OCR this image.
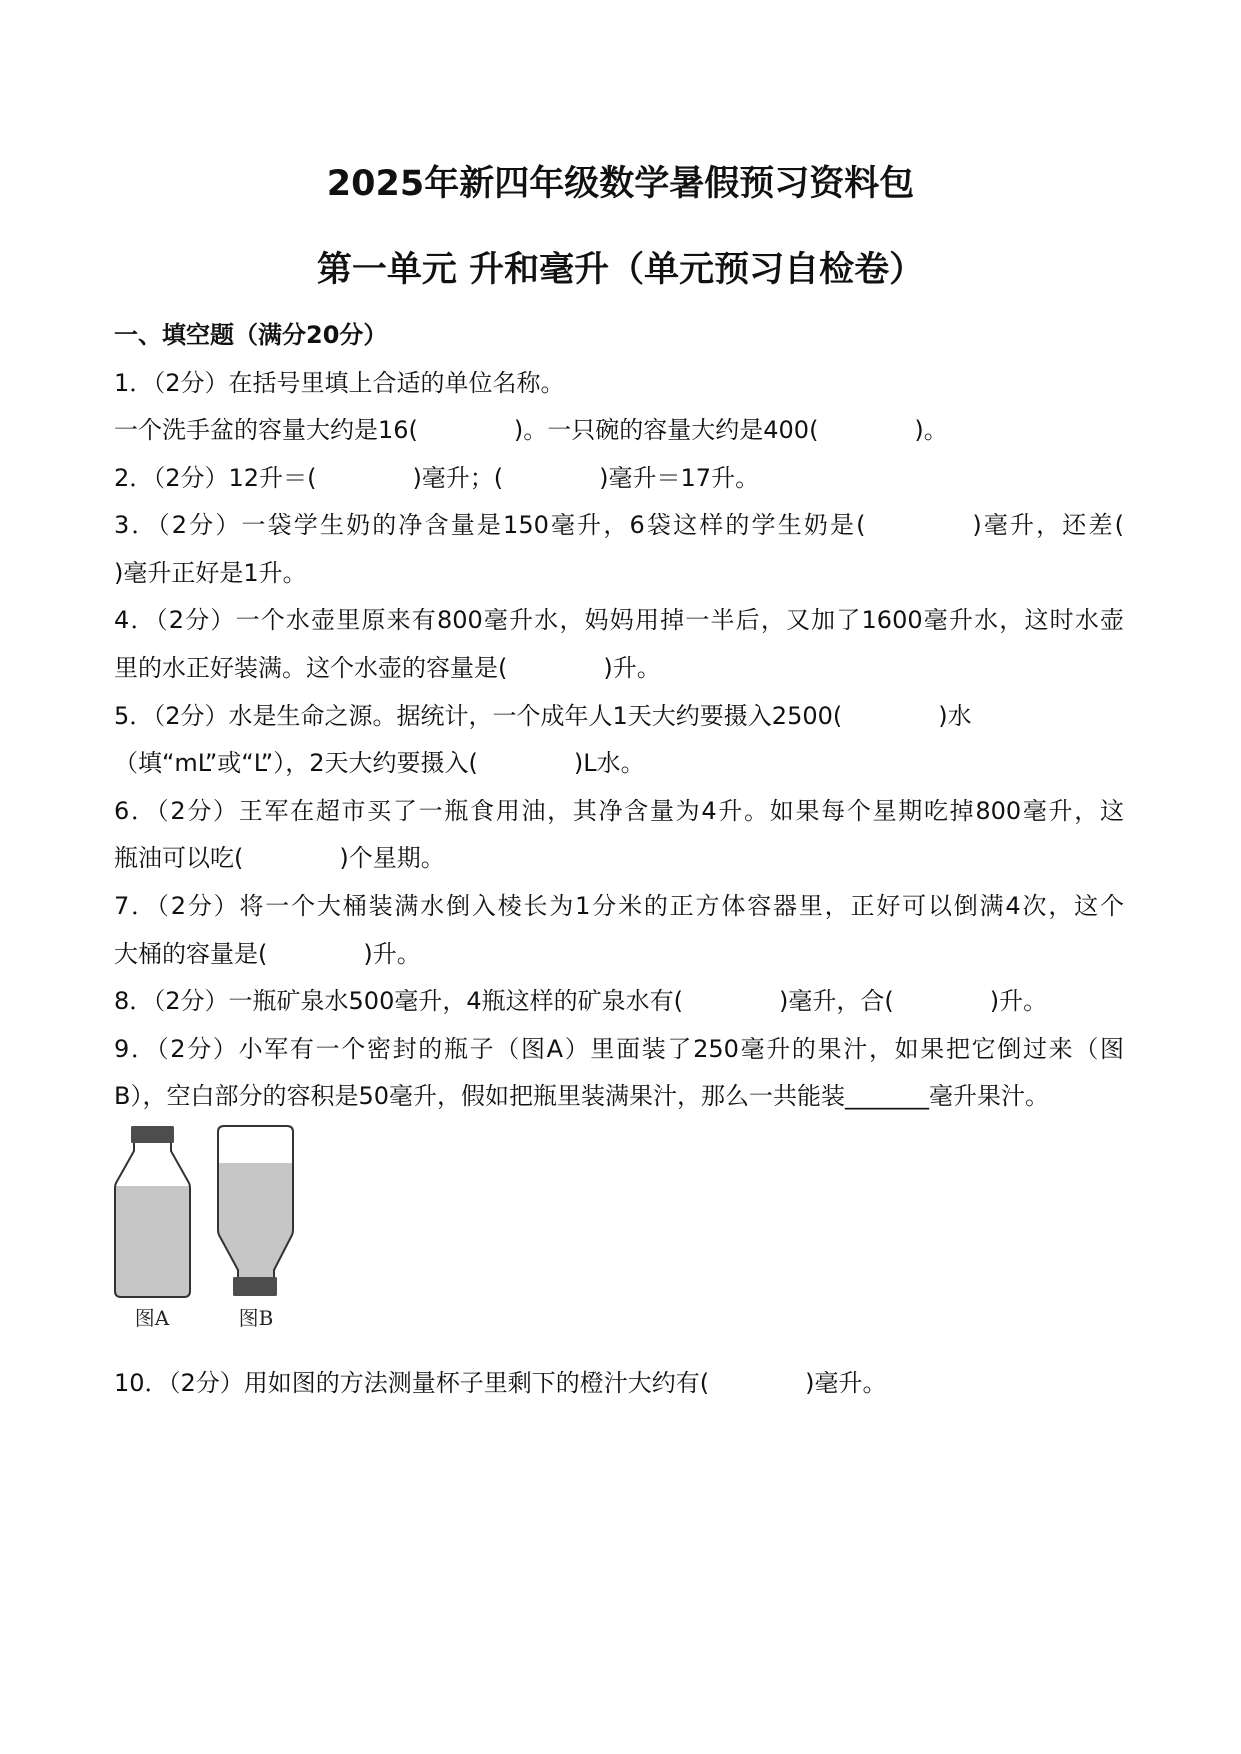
2025年新四年级数学暑假预习资料包
第一单元 升和毫升（单元预习自检卷）
一、填空题（满分20分）
1．（2分）在括号里填上合适的单位名称。
一个洗手盆的容量大约是16(　　　　)。一只碗的容量大约是400(　　　　)。
2．（2分）12升＝(　　　　)毫升；(　　　　)毫升＝17升。
3．（2分）一袋学生奶的净含量是150毫升，6袋这样的学生奶是(　　　　)毫升，还差(
)毫升正好是1升。
4．（2分）一个水壶里原来有800毫升水，妈妈用掉一半后，又加了1600毫升水，这时水壶
里的水正好装满。这个水壶的容量是(　　　　)升。
5．（2分）水是生命之源。据统计，一个成年人1天大约要摄入2500(　　　　)水
（填“mL”或“L”），2天大约要摄入(　　　　)L水。
6．（2分）王军在超市买了一瓶食用油，其净含量为4升。如果每个星期吃掉800毫升，这
瓶油可以吃(　　　　)个星期。
7．（2分）将一个大桶装满水倒入棱长为1分米的正方体容器里，正好可以倒满4次，这个
大桶的容量是(　　　　)升。
8．（2分）一瓶矿泉水500毫升，4瓶这样的矿泉水有(　　　　)毫升，合(　　　　)升。
9．（2分）小军有一个密封的瓶子（图A）里面装了250毫升的果汁，如果把它倒过来（图
B），空白部分的容积是50毫升，假如把瓶里装满果汁，那么一共能装_______毫升果汁。
图A	图B
10．（2分）用如图的方法测量杯子里剩下的橙汁大约有(　　　　)毫升。
